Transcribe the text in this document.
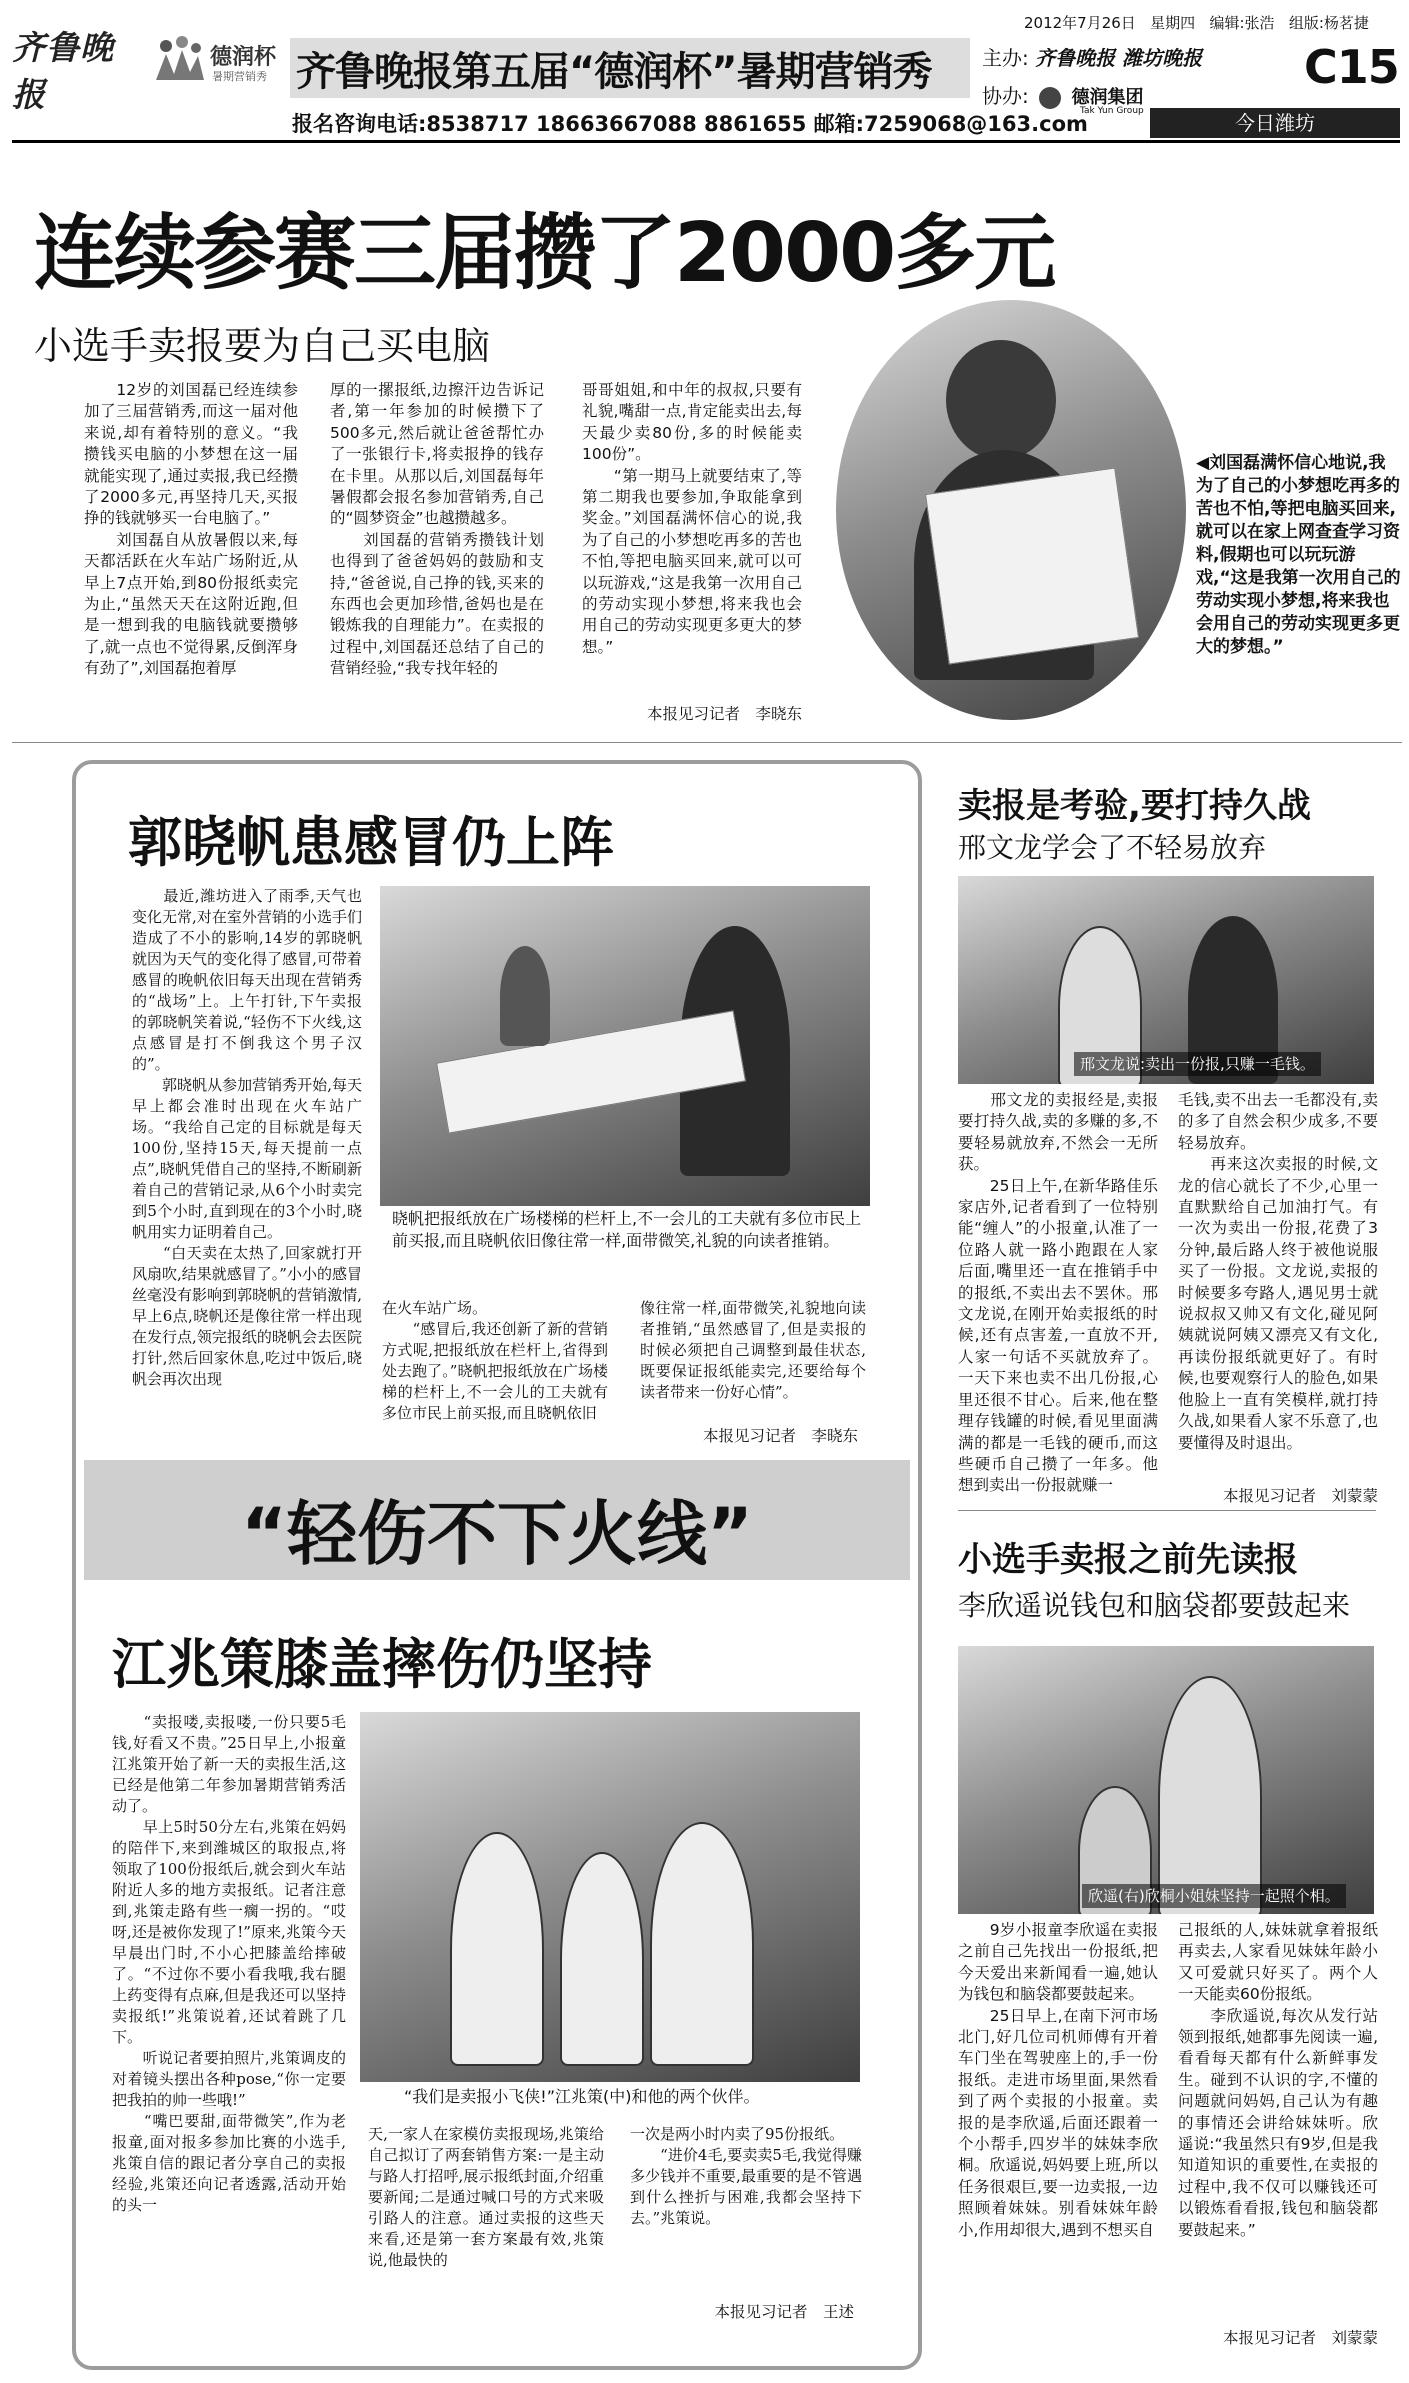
齐鲁晚报
德润杯
暑期营销秀 齐鲁晚报第五届“德润杯”暑期营销秀	主办: 齐鲁晚报 潍坊晚报
协办: 德润集团
Tak Yun Group
报名咨询电话:8538717 18663667088 8861655 邮箱:7259068@163.com
2012年7月26日 星期四 编辑:张浩 组版:杨茗捷
C15
今日潍坊
连续参赛三届攒了2000多元
小选手卖报要为自己买电脑
　　12岁的刘国磊已经连续参加了三届营销秀,而这一届对他来说,却有着特别的意义。“我攒钱买电脑的小梦想在这一届就能实现了,通过卖报,我已经攒了2000多元,再坚持几天,买报挣的钱就够买一台电脑了。”
　　刘国磊自从放暑假以来,每天都活跃在火车站广场附近,从早上7点开始,到80份报纸卖完为止,“虽然天天在这附近跑,但是一想到我的电脑钱就要攒够了,就一点也不觉得累,反倒浑身有劲了”,刘国磊抱着厚
厚的一摞报纸,边擦汗边告诉记者,第一年参加的时候攒下了500多元,然后就让爸爸帮忙办了一张银行卡,将卖报挣的钱存在卡里。从那以后,刘国磊每年暑假都会报名参加营销秀,自己的“圆梦资金”也越攒越多。
　　刘国磊的营销秀攒钱计划也得到了爸爸妈妈的鼓励和支持,“爸爸说,自己挣的钱,买来的东西也会更加珍惜,爸妈也是在锻炼我的自理能力”。在卖报的过程中,刘国磊还总结了自己的营销经验,“我专找年轻的
哥哥姐姐,和中年的叔叔,只要有礼貌,嘴甜一点,肯定能卖出去,每天最少卖80份,多的时候能卖100份”。
　　“第一期马上就要结束了,等第二期我也要参加,争取能拿到奖金。”刘国磊满怀信心的说,我为了自己的小梦想吃再多的苦也不怕,等把电脑买回来,就可以可以玩游戏,“这是我第一次用自己的劳动实现小梦想,将来我也会用自己的劳动实现更多更大的梦想。”
本报见习记者　李晓东
◀刘国磊满怀信心地说,我为了自己的小梦想吃再多的苦也不怕,等把电脑买回来,就可以在家上网查查学习资料,假期也可以玩玩游戏,“这是我第一次用自己的劳动实现小梦想,将来我也会用自己的劳动实现更多更大的梦想。”
郭晓帆患感冒仍上阵
　　最近,潍坊进入了雨季,天气也变化无常,对在室外营销的小选手们造成了不小的影响,14岁的郭晓帆就因为天气的变化得了感冒,可带着感冒的晚帆依旧每天出现在营销秀的“战场”上。上午打针,下午卖报的郭晓帆笑着说,“轻伤不下火线,这点感冒是打不倒我这个男子汉的”。
　　郭晓帆从参加营销秀开始,每天早上都会准时出现在火车站广场。“我给自己定的目标就是每天100份,坚持15天,每天提前一点点”,晓帆凭借自己的坚持,不断刷新着自己的营销记录,从6个小时卖完到5个小时,直到现在的3个小时,晓帆用实力证明着自己。
　　“白天卖在太热了,回家就打开风扇吹,结果就感冒了。”小小的感冒丝毫没有影响到郭晓帆的营销激情,早上6点,晓帆还是像往常一样出现在发行点,领完报纸的晓帆会去医院打针,然后回家休息,吃过中饭后,晓帆会再次出现
晓帆把报纸放在广场楼梯的栏杆上,不一会儿的工夫就有多位市民上前买报,而且晓帆依旧像往常一样,面带微笑,礼貌的向读者推销。
在火车站广场。
　　“感冒后,我还创新了新的营销方式呢,把报纸放在栏杆上,省得到处去跑了。”晓帆把报纸放在广场楼梯的栏杆上,不一会儿的工夫就有多位市民上前买报,而且晓帆依旧
像往常一样,面带微笑,礼貌地向读者推销,“虽然感冒了,但是卖报的时候必须把自己调整到最佳状态,既要保证报纸能卖完,还要给每个读者带来一份好心情”。
本报见习记者　李晓东
“轻伤不下火线”
江兆策膝盖摔伤仍坚持
　　“卖报喽,卖报喽,一份只要5毛钱,好看又不贵。”25日早上,小报童江兆策开始了新一天的卖报生活,这已经是他第二年参加暑期营销秀活动了。
　　早上5时50分左右,兆策在妈妈的陪伴下,来到潍城区的取报点,将领取了100份报纸后,就会到火车站附近人多的地方卖报纸。记者注意到,兆策走路有些一瘸一拐的。“哎呀,还是被你发现了!”原来,兆策今天早晨出门时,不小心把膝盖给摔破了。“不过你不要小看我哦,我右腿上药变得有点麻,但是我还可以坚持卖报纸!”兆策说着,还试着跳了几下。
　　听说记者要拍照片,兆策调皮的对着镜头摆出各种pose,“你一定要把我拍的帅一些哦!”
　　“嘴巴要甜,面带微笑”,作为老报童,面对报多参加比赛的小选手,兆策自信的跟记者分享自己的卖报经验,兆策还向记者透露,活动开始的头一
“我们是卖报小飞侠!”江兆策(中)和他的两个伙伴。
天,一家人在家模仿卖报现场,兆策给自己拟订了两套销售方案:一是主动与路人打招呼,展示报纸封面,介绍重要新闻;二是通过喊口号的方式来吸引路人的注意。通过卖报的这些天来看,还是第一套方案最有效,兆策说,他最快的
一次是两小时内卖了95份报纸。
　　“进价4毛,要卖卖5毛,我觉得赚多少钱并不重要,最重要的是不管遇到什么挫折与困难,我都会坚持下去。”兆策说。
本报见习记者　王述
卖报是考验,要打持久战
邢文龙学会了不轻易放弃
邢文龙说:卖出一份报,只赚一毛钱。
　　邢文龙的卖报经是,卖报要打持久战,卖的多赚的多,不要轻易就放弃,不然会一无所获。
　　25日上午,在新华路佳乐家店外,记者看到了一位特别能“缠人”的小报童,认准了一位路人就一路小跑跟在人家后面,嘴里还一直在推销手中的报纸,不卖出去不罢休。邢文龙说,在刚开始卖报纸的时候,还有点害羞,一直放不开,人家一句话不买就放弃了。一天下来也卖不出几份报,心里还很不甘心。后来,他在整理存钱罐的时候,看见里面满满的都是一毛钱的硬币,而这些硬币自己攒了一年多。他想到卖出一份报就赚一
毛钱,卖不出去一毛都没有,卖的多了自然会积少成多,不要轻易放弃。
　　再来这次卖报的时候,文龙的信心就长了不少,心里一直默默给自己加油打气。有一次为卖出一份报,花费了3分钟,最后路人终于被他说服买了一份报。文龙说,卖报的时候要多夸路人,遇见男士就说叔叔又帅又有文化,碰见阿姨就说阿姨又漂亮又有文化,再读份报纸就更好了。有时候,也要观察行人的脸色,如果他脸上一直有笑模样,就打持久战,如果看人家不乐意了,也要懂得及时退出。
本报见习记者　刘蒙蒙
小选手卖报之前先读报
李欣遥说钱包和脑袋都要鼓起来
欣遥(右)欣桐小姐妹坚持一起照个相。
　　9岁小报童李欣遥在卖报之前自己先找出一份报纸,把今天爱出来新闻看一遍,她认为钱包和脑袋都要鼓起来。
　　25日早上,在南下河市场北门,好几位司机师傅有开着车门坐在驾驶座上的,手一份报纸。走进市场里面,果然看到了两个卖报的小报童。卖报的是李欣遥,后面还跟着一个小帮手,四岁半的妹妹李欣桐。欣遥说,妈妈要上班,所以任务很艰巨,要一边卖报,一边照顾着妹妹。别看妹妹年龄小,作用却很大,遇到不想买自
己报纸的人,妹妹就拿着报纸再卖去,人家看见妹妹年龄小又可爱就只好买了。两个人一天能卖60份报纸。
　　李欣遥说,每次从发行站领到报纸,她都事先阅读一遍,看看每天都有什么新鲜事发生。碰到不认识的字,不懂的问题就问妈妈,自己认为有趣的事情还会讲给妹妹听。欣遥说:“我虽然只有9岁,但是我知道知识的重要性,在卖报的过程中,我不仅可以赚钱还可以锻炼看看报,钱包和脑袋都要鼓起来。”
本报见习记者　刘蒙蒙
